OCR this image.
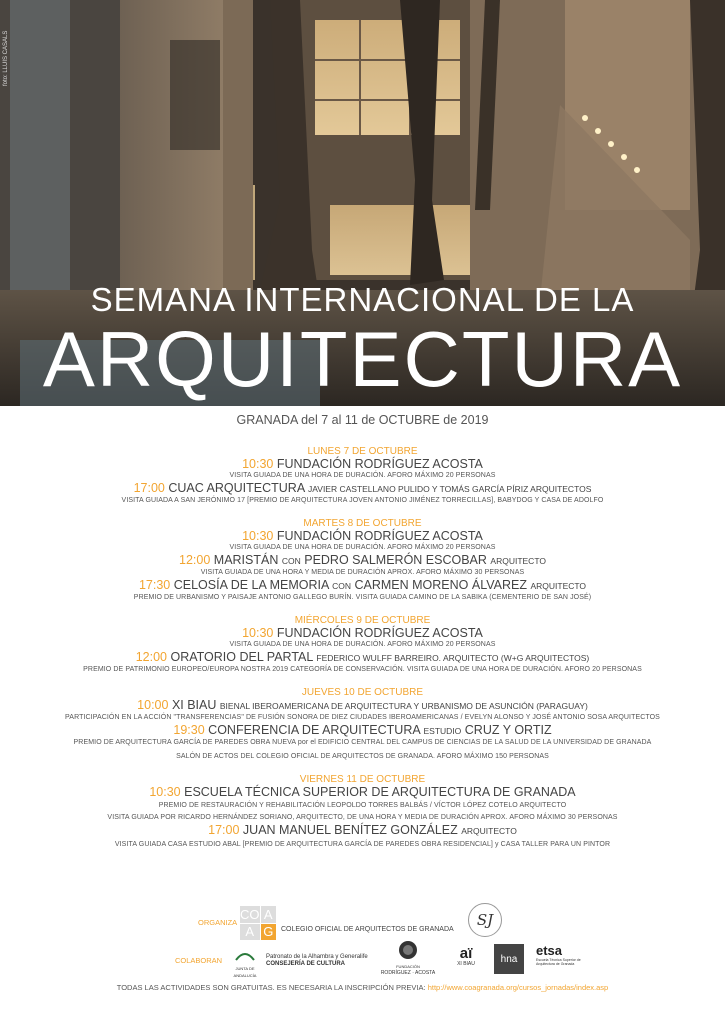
foto: LLUIS CASALS
SEMANA INTERNACIONAL DE LA
ARQUITECTURA
GRANADA del 7 al 11 de OCTUBRE de 2019
LUNES 7 DE OCTUBRE
10:30 FUNDACIÓN RODRÍGUEZ ACOSTA
VISITA GUIADA DE UNA HORA DE DURACIÓN. AFORO MÁXIMO 20 PERSONAS
17:00 CUAC ARQUITECTURA JAVIER CASTELLANO PULIDO Y TOMÁS GARCÍA PÍRIZ ARQUITECTOS
VISITA GUIADA A SAN JERÓNIMO 17 [PREMIO DE ARQUITECTURA JOVEN ANTONIO JIMÉNEZ TORRECILLAS], BABYDOG Y CASA DE ADOLFO
MARTES 8 DE OCTUBRE
10:30 FUNDACIÓN RODRÍGUEZ ACOSTA
VISITA GUIADA DE UNA HORA DE DURACIÓN. AFORO MÁXIMO 20 PERSONAS
12:00 MARISTÁN CON PEDRO SALMERÓN ESCOBAR ARQUITECTO
VISITA GUIADA DE UNA HORA Y MEDIA DE DURACIÓN APROX. AFORO MÁXIMO 30 PERSONAS
17:30 CELOSÍA DE LA MEMORIA CON CARMEN MORENO ÁLVAREZ ARQUITECTO
PREMIO DE URBANISMO Y PAISAJE ANTONIO GALLEGO BURÍN. VISITA GUIADA CAMINO DE LA SABIKA (CEMENTERIO DE SAN JOSÉ)
MIÉRCOLES 9 DE OCTUBRE
10:30 FUNDACIÓN RODRÍGUEZ ACOSTA
VISITA GUIADA DE UNA HORA DE DURACIÓN. AFORO MÁXIMO 20 PERSONAS
12:00 ORATORIO DEL PARTAL FEDERICO WULFF BARREIRO. ARQUITECTO (W+G ARQUITECTOS)
PREMIO DE PATRIMONIO EUROPEO/EUROPA NOSTRA 2019 CATEGORÍA DE CONSERVACIÓN. VISITA GUIADA DE UNA HORA DE DURACIÓN. AFORO 20 PERSONAS
JUEVES 10 DE OCTUBRE
10:00 XI BIAU BIENAL IBEROAMERICANA DE ARQUITECTURA Y URBANISMO DE ASUNCIÓN (PARAGUAY)
PARTICIPACIÓN EN LA ACCIÓN "TRANSFERENCIAS" DE FUSIÓN SONORA DE DIEZ CIUDADES IBEROAMERICANAS / EVELYN ALONSO Y JOSÉ ANTONIO SOSA ARQUITECTOS
19:30 CONFERENCIA DE ARQUITECTURA ESTUDIO CRUZ Y ORTIZ
PREMIO DE ARQUITECTURA GARCÍA DE PAREDES OBRA NUEVA por el EDIFICIO CENTRAL DEL CAMPUS DE CIENCIAS DE LA SALUD DE LA UNIVERSIDAD DE GRANADA
SALÓN DE ACTOS DEL COLEGIO OFICIAL DE ARQUITECTOS DE GRANADA. AFORO MÁXIMO 150 PERSONAS
VIERNES 11 DE OCTUBRE
10:30 ESCUELA TÉCNICA SUPERIOR DE ARQUITECTURA DE GRANADA
PREMIO DE RESTAURACIÓN Y REHABILITACIÓN LEOPOLDO TORRES BALBÁS / VÍCTOR LÓPEZ COTELO ARQUITECTO
VISITA GUIADA POR RICARDO HERNÁNDEZ SORIANO, ARQUITECTO, DE UNA HORA Y MEDIA DE DURACIÓN APROX. AFORO MÁXIMO 30 PERSONAS
17:00 JUAN MANUEL BENÍTEZ GONZÁLEZ ARQUITECTO
VISITA GUIADA CASA ESTUDIO ABAL [PREMIO DE ARQUITECTURA GARCÍA DE PAREDES OBRA RESIDENCIAL] y CASA TALLER PARA UN PINTOR
ORGANIZA
CO A
A G	COLEGIO OFICIAL DE ARQUITECTOS DE GRANADA
SJ
COLABORAN
JUNTA DE ANDALUCÍA
Patronato de la Alhambra y Generalife
CONSEJERÍA DE CULTURA	FUNDACIÓN
RODRÍGUEZ · ACOSTA
aï
XI BIAU	hna
etsa
Escuela Técnica Superior de Arquitectura de Granada
TODAS LAS ACTIVIDADES SON GRATUITAS. ES NECESARIA LA INSCRIPCIÓN PREVIA: http://www.coagranada.org/cursos_jornadas/index.asp
